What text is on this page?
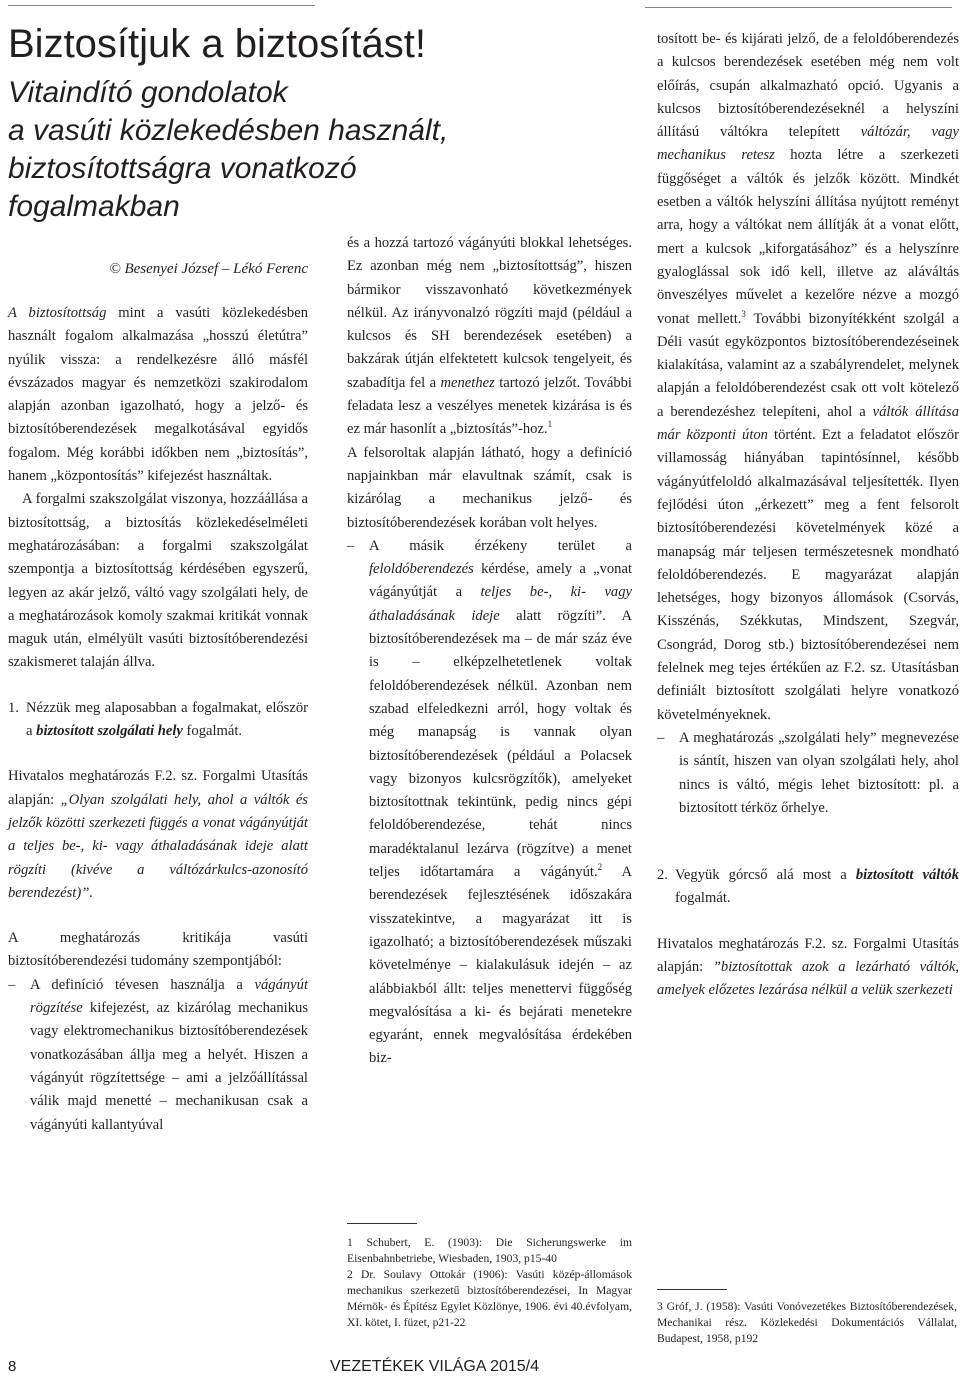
Biztosítjuk a biztosítást!
Vitaindító gondolatok
a vasúti közlekedésben használt,
biztosítottságra vonatkozó
fogalmakban
© Besenyei József – Lékó Ferenc

A biztosítottság mint a vasúti közlekedésben használt fogalom alkalmazása „hosszú életútra” nyúlik vissza: a rendelkezésre álló másfél évszázados magyar és nemzetközi szakirodalom alapján azonban igazolható, hogy a jelző- és biztosítóberendezések megalkotásával egyidős fogalom. Még korábbi időkben nem „biztosítás”, hanem „központosítás” kifejezést használtak.

A forgalmi szakszolgálat viszonya, hozzáállása a biztosítottság, a biztosítás közlekedéselméleti meghatározásában: a forgalmi szakszolgálat szempontja a biztosítottság kérdésében egyszerű, legyen az akár jelző, váltó vagy szolgálati hely, de a meghatározások komoly szakmai kritikát vonnak maguk után, elmélyült vasúti biztosítóberendezési szakismeret talaján állva.

1. Nézzük meg alaposabban a fogalmakat, először a biztosított szolgálati hely fogalmát.

Hivatalos meghatározás F.2. sz. Forgalmi Utasítás alapján: „Olyan szolgálati hely, ahol a váltók és jelzők közötti szerkezeti függés a vonat vágányútját a teljes be-, ki- vagy áthaladásának ideje alatt rögzíti (kivéve a váltózárkulcs-azonosító berendezést)”.

A meghatározás kritikája vasúti biztosítóberendezési tudomány szempontjából:

–	A definíció tévesen használja a vágányút rögzítése kifejezést, az kizárólag mechanikus vagy elektromechanikus biztosítóberendezések vonatkozásában állja meg a helyét. Hiszen a vágányút rögzítettsége – ami a jelzőállítással válik majd menetté – mechanikusan csak a vágányúti kallantyúval

és a hozzá tartozó vágányúti blokkal lehetséges. Ez azonban még nem „biztosítottság”, hiszen bármikor visszavonható következmények nélkül. Az irányvonalzó rögzíti majd (például a kulcsos és SH berendezések esetében) a bakzárak útján elfektetett kulcsok tengelyeit, és szabadítja fel a menethez tartozó jelzőt. További feladata lesz a veszélyes menetek kizárása is és ez már hasonlít a „biztosítás”-hoz.$^1$

A felsoroltak alapján látható, hogy a definíció napjainkban már elavultnak számít, csak is kizárólag a mechanikus jelző- és biztosítóberendezések korában volt helyes.

–	A másik érzékeny terület a feloldóberendezés kérdése, amely a „vonat vágányútját a teljes be-, ki- vagy áthaladásának ideje alatt rögzíti”. A biztosítóberendezések ma – de már száz éve is – elképzelhetetlenek voltak feloldóberendezések nélkül. Azonban nem szabad elfeledkezni arról, hogy voltak és még manapság is vannak olyan biztosítóberendezések (például a Polacsek vagy bizonyos kulcsrögzítők), amelyeket biztosítottnak tekintünk, pedig nincs gépi feloldóberendezése, tehát nincs maradéktalanul lezárva (rögzítve) a menet teljes időtartamára a vágányút.$^2$ A berendezések fejlesztésének időszakára visszatekintve, a magyarázat itt is igazolható; a biztosítóberendezések műszaki követelménye – kialakulásuk idején – az alábbiakból állt: teljes menettervi függőség megvalósítása a ki- és bejárati menetekre egyaránt, ennek megvalósítása érdekében biz-
1 Schubert, E. (1903): Die Sicherungswerke im Eisenbahnbetriebe, Wiesbaden, 1903, p15-40
2 Dr. Soulavy Ottokár (1906): Vasúti közép-állomások mechanikus szerkezetű biztosítóberendezései, In Magyar Mérnök- és Építész Egylet Közlönye, 1906. évi 40.évfolyam, XI. kötet, I. füzet, p21-22

tosított be- és kijárati jelző, de a feloldóberendezés a kulcsos berendezések esetében még nem volt előírás, csupán alkalmazható opció. Ugyanis a kulcsos biztosítóberendezéseknél a helyszíni állítású váltókra telepített váltózár, vagy mechanikus retesz hozta létre a szerkezeti függőséget a váltók és jelzők között. Mindkét esetben a váltók helyszíni állítása nyújtott reményt arra, hogy a váltókat nem állítják át a vonat előtt, mert a kulcsok „kiforgatásához” és a helyszínre gyaloglással sok idő kell, illetve az aláváltás önveszélyes művelet a kezelőre nézve a mozgó vonat mellett.$^3$ További bizonyítékként szolgál a Déli vasút egyközpontos biztosítóberendezéseinek kialakítása, valamint az a szabályrendelet, melynek alapján a feloldóberendezést csak ott volt kötelező a berendezéshez telepíteni, ahol a váltók állítása már központi úton történt. Ezt a feladatot először villamosság hiányában tapintósínnel, később vágányútfeloldó alkalmazásával teljesítették. Ilyen fejlődési úton „érkezett” meg a fent felsorolt biztosítóberendezési követelmények közé a manapság már teljesen természetesnek mondható feloldóberendezés. E magyarázat alapján lehetséges, hogy bizonyos állomások (Csorvás, Kisszénás, Székkutas, Mindszent, Szegvár, Csongrád, Dorog stb.) biztosítóberendezései nem felelnek meg tejes értékűen az F.2. sz. Utasításban definiált biztosított szolgálati helyre vonatkozó követelményeknek.

–	A meghatározás „szolgálati hely” megnevezése is sántít, hiszen van olyan szolgálati hely, ahol nincs is váltó, mégis lehet biztosított: pl. a biztosított térköz őrhelye.
2. Vegyük górcső alá most a biztosított váltók fogalmát.

Hivatalos meghatározás F.2. sz. Forgalmi Utasítás alapján: ”biztosítottak azok a lezárható váltók, amelyek előzetes lezárása nélkül a velük szerkezeti

3 Gróf, J. (1958): Vasúti Vonóvezetékes Biztosítóberendezések, Mechanikai rész. Közlekedési Dokumentációs Vállalat, Budapest, 1958, p192
8	VEZETÉKEK VILÁGA 2015/4
